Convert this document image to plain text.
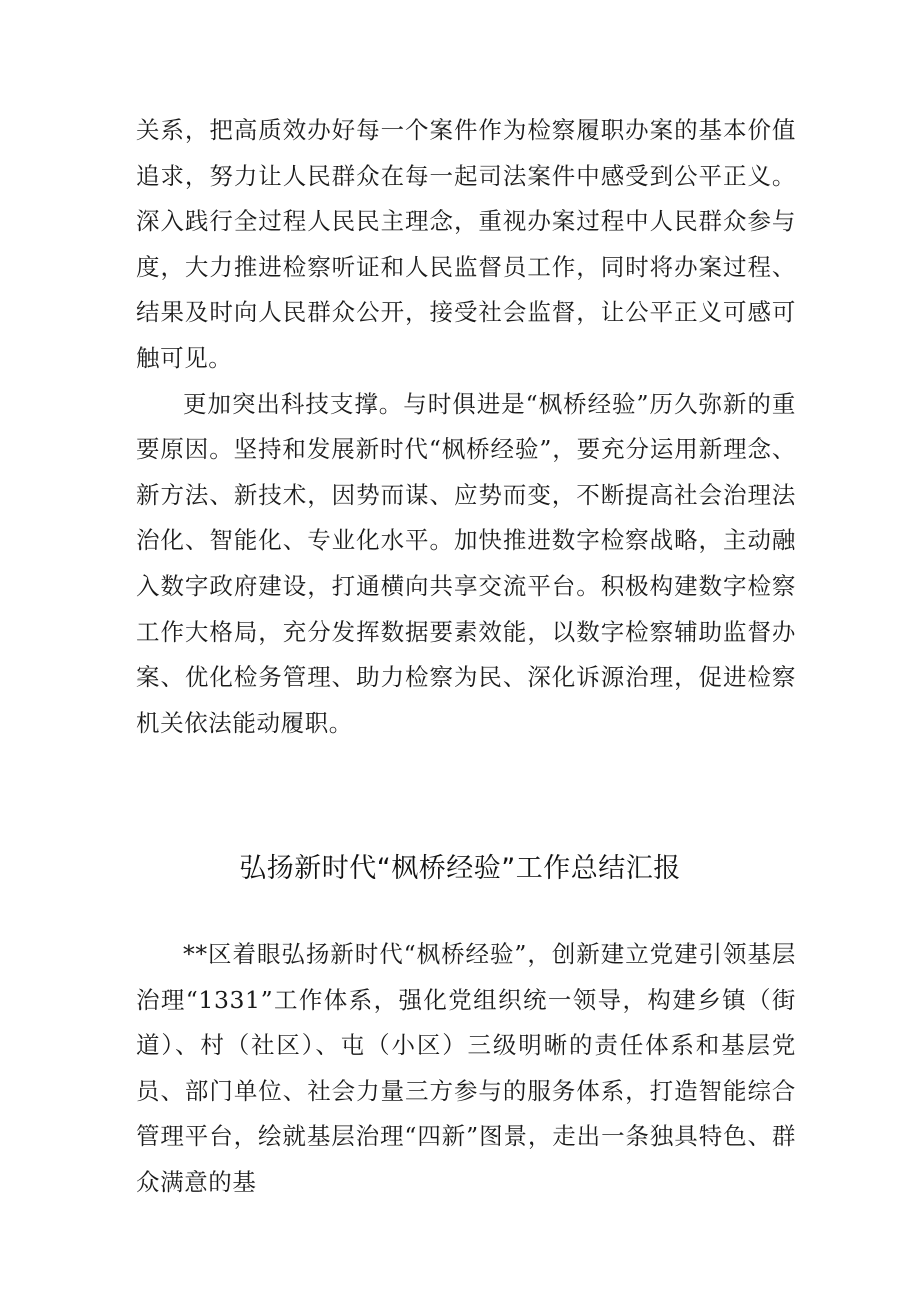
关系，把高质效办好每一个案件作为检察履职办案的基本价值追求，努力让人民群众在每一起司法案件中感受到公平正义。深入践行全过程人民民主理念，重视办案过程中人民群众参与度，大力推进检察听证和人民监督员工作，同时将办案过程、结果及时向人民群众公开，接受社会监督，让公平正义可感可触可见。

更加突出科技支撑。与时俱进是“枫桥经验”历久弥新的重要原因。坚持和发展新时代“枫桥经验”，要充分运用新理念、新方法、新技术，因势而谋、应势而变，不断提高社会治理法治化、智能化、专业化水平。加快推进数字检察战略，主动融入数字政府建设，打通横向共享交流平台。积极构建数字检察工作大格局，充分发挥数据要素效能，以数字检察辅助监督办案、优化检务管理、助力检察为民、深化诉源治理，促进检察机关依法能动履职。

弘扬新时代“枫桥经验”工作总结汇报

**区着眼弘扬新时代“枫桥经验”，创新建立党建引领基层治理“1331”工作体系，强化党组织统一领导，构建乡镇（街道）、村（社区）、屯（小区）三级明晰的责任体系和基层党员、部门单位、社会力量三方参与的服务体系，打造智能综合管理平台，绘就基层治理“四新”图景，走出一条独具特色、群众满意的基
